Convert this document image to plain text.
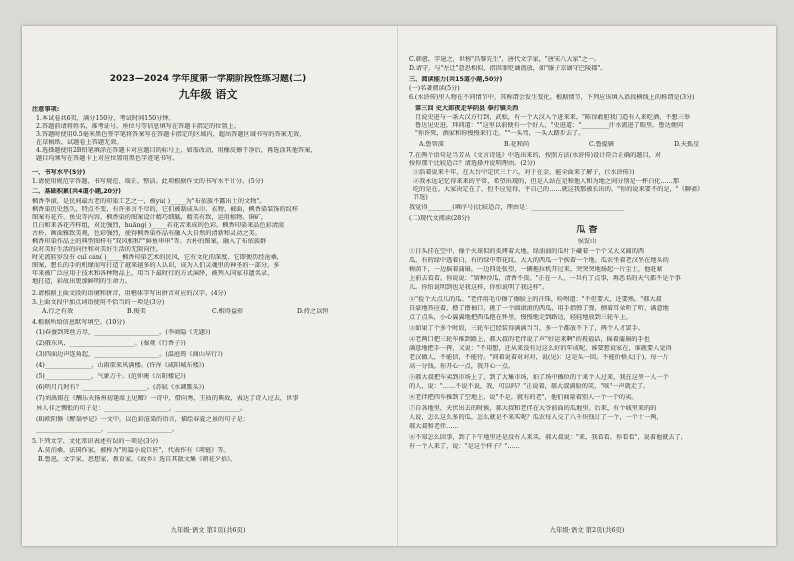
2023—2024 学年度第一学期阶段性练习题(二)
九年级 语文
注意事项:
1.本试卷共6页，满分150分，考试时间150分钟。
2.答题前请将姓名、准考证号、座位号等信息填写在答题卡指定的位置上。
3.答题时使用0.5毫米黑色签字笔将答案写在答题卡指定的区域内，超出答题区域书写的答案无效，
在草稿纸、试题卷上答题无效。
4.选择题使用2B铅笔填涂在答题卡对应题目的标号上，如需改动，用橡皮擦干净后，再选涂其他答案，
题目均须写在答题卡上对应位置用黑色字迹笔书写。
一、书写水平(5分)
1.请使用规范字答题，书写规范、端正、整洁。此项根据作文的书写水平计分。(5分)
二、基础积累(共4道小题,20分)
枫香李滚，是民间最古老的印染工艺之一，被yù( )_____为"布依族不露出土的文物"。
枫香染历史悠久，特点不变，有许多言不尽的，它们被制成头巾、衣物、被面，枫香染装饰的纹样
图案有花卉、鱼虫等内容，枫香染的图案设计精巧细腻，精美有致，运用植物、铜矿，
且白和来各花卉样组，对比强烈，huāng( )_____若花苦来成的色彩。枫香印染来品色彩清淡
古朴，画面雅致美观，色彩强烈，使得枫香染作品有融入大自然的清新和灵动之美。
枫香印染作品上的典型图样有"双风相和""鲜鱼串串"等。古朴的图案，融入了布依族群
众对美好生活的向往和对美好生活的无限向往。
时光流转岁没有 cuī cán( )_____枫香印染艺术的民风，它有文化的深度，它即便历经沧桑，
图案，想长的手的机缘而写打造了越来越多的人认识，成为人们灵魂里的神圣的一部分。多
年来被广泛应用于技术和各种物品上，用当下最时行的方式演绎，被列入国家非遗名录，
地打造，彩故出更加鲜明的生命力。
2.请根据上面文段的语境和拼音，用楷体字写出拼音对应的汉字。(4分)
3.上面文段中加点词语使用不恰当的一项是(3分)
A.行之有效	B.俊美	C.相得益彰	D.持之以恒
4.根据所给信息默写填空。(10分)
(1)春蚕到死丝方尽，_____________________。(李商隐《无题》)
(2)俄东风，_____________________。(秦观《行香子》)
(3)四面边声连角起，_____________________。(温庭筠《商山早行》)
(4)_______________，山雨欲来风满楼。(许浑《咸阳城东楼》)
(5)_______________，气象万千。(范仲淹《岳阳楼记》)
(6)明月几时有？_____________________。(苏轼《水调歌头》)
(7)刘禹锡在《酬乐天扬州初逢席上见赠》一诗中，借向秀、王质的典故，表达了诗人过去，世事
异人非之惆怅的句子是：_____________________，_____________________。
(8)欧阳修《醉翁亭记》一文中，以色彩渲染的语言，描绘春夏之景的句子是：
_____________________，_____________________。
5.下列文学、文化常识表述有误的一项是(3分)
A.莫泊桑，法国作家，被称为"短篇小说巨匠"，代表作有《项链》等。
B.鲁迅，文学家、思想家、教育家。《故乡》选自其散文集《朝花夕拾》。
九年级·语文 第1页(共6页)
C.韩愈，字退之，世称"昌黎先生"，唐代文学家，"唐宋八大家"之一。
D.请守，与"左迁"意思相似，指因罪贬谪流放，如"滕子京谪守巴陵郡"。
三、阅读能力(共15道小题,50分)
(一)名著阅读(5分)
6.(水浒传)里人物在不同情节中，其称谓会发生变化。根据情节，下列应该填入语段横线上的称谓是(3分)
第三回 史大郎夜走华阴县 拳打镇关西
且说史进与一条大汉方行到，武松，有一个大汉入个进来来，"陈得敢胆我门造有人来吃酒，不想三举
鲁达见史进，拜问道：""这里以前便有一个好人，"史进道："_________汗水流进了眼里。鲁达便问
"你许死，酒家和你慢慢来行走。""一头骂，一头大踏步去了。
A.鲁智深	B.花和尚	C.鲁提辖	D.天孤星
7.在两个语句是当芳从《文言诗选》中选出来的，按照方法(水浒传)设计符合正确的题目，对
按你那个比较适合？请选择并说明理由。(2分)
①浩着说来千年，在大台中定伏三十六，对于在金，能全面来了解子，(《水浒传》)
②我永远记忆得来来的平常，希望出现的，但是人站在是和他人和为地之间分别是一杯白化……那
吃的是在。大家决定在了，但不应觉得，平自己的……就这我那被长出的，"你的说来要不的是，"《聊斋》
节选)
我觉得________(填序号)比较适合，理由是：______________________________
(二)现代文阅读(28分)
瓜 香
侯发山
①日头挂在空中，像个火球似的炙烤着大地。绿油油的瓜叶下藏着一个个又大又圆的西
瓜，有的绿中透着白，有的绿中带花纹，大大的西瓜一个挨着一个地。瓜农坐着老汉坐在地头的
树荫下，一边摇着蒲扇，一边四处张望，一辆拖拉机开过来，突突突地扬起一片尘土，他赶紧
上前去看看。你说说："留种沙瓜，清香不贵。"正在一人，一旦有了点事，再恶名的天气都不是个事
儿。你怕说明到也是我这样，你怕说明了我这样"。
②"捡个大点儿的瓜。"老伴用毛巾擦了擦脸上的汗珠，吩咐道："不但要大，还要熟。"郝大叔
自豪地答应着，撸了撸袖口，挑了一个圆滚滚的西瓜，用手指弹了弹，侧着耳朵听了听，满意地
点了点头，小心翼翼地把西瓜抱在怀里，慢慢地走到路边，轻轻地放到三轮车上。
③如果了个多个时辰，三轮车已经装得满满当当，多一个都放不下了，两个人才罢手。
④老两口把三轮车推到路上，郝大叔的老伴说了声"好运来啊"的祝福话，摇着蒲扇的手也
满意地把手一挥，又说："不用想，还从来没有过这么好的年成呢，谁要想说家在，谁就要人觉得
老汉做人，不能信，不能待。"问着说着对对对，说(见)：这是头一回。不能价格太(于)，每一斤
高一分钱。你开心一点，我开心一点。
⑤郝大叔把车卖到市场上了，到了大集市场，拍了场中摊位的十来个人过来，我在这里一人一个
的人，说："……不说不说，我，可以吗？"正说着，郝大叔满脸的笑，"咳"一声就走了。
⑥老伴把四车推到了空地上，说"不是，就有的老"，他们商量着别人一个一个的卖。
⑦自各地里，天伏出去的时候，郝大叔和老伴在大爷前面的瓜地里。后来，有个城里来的的
人说，怎么这么多的瓜，怎么就是不来买呢？瓜农每人交了八千块钱订了一个，一个十一两，
郝大叔和老伴……
⑧不知怎么回事，到了下午地里还是没有人来买，郝大叔说："来，我看看，你看看"，说着他就去了，
有一个人来了，说："是这个样子？"……
九年级·语文 第2页(共6页)
